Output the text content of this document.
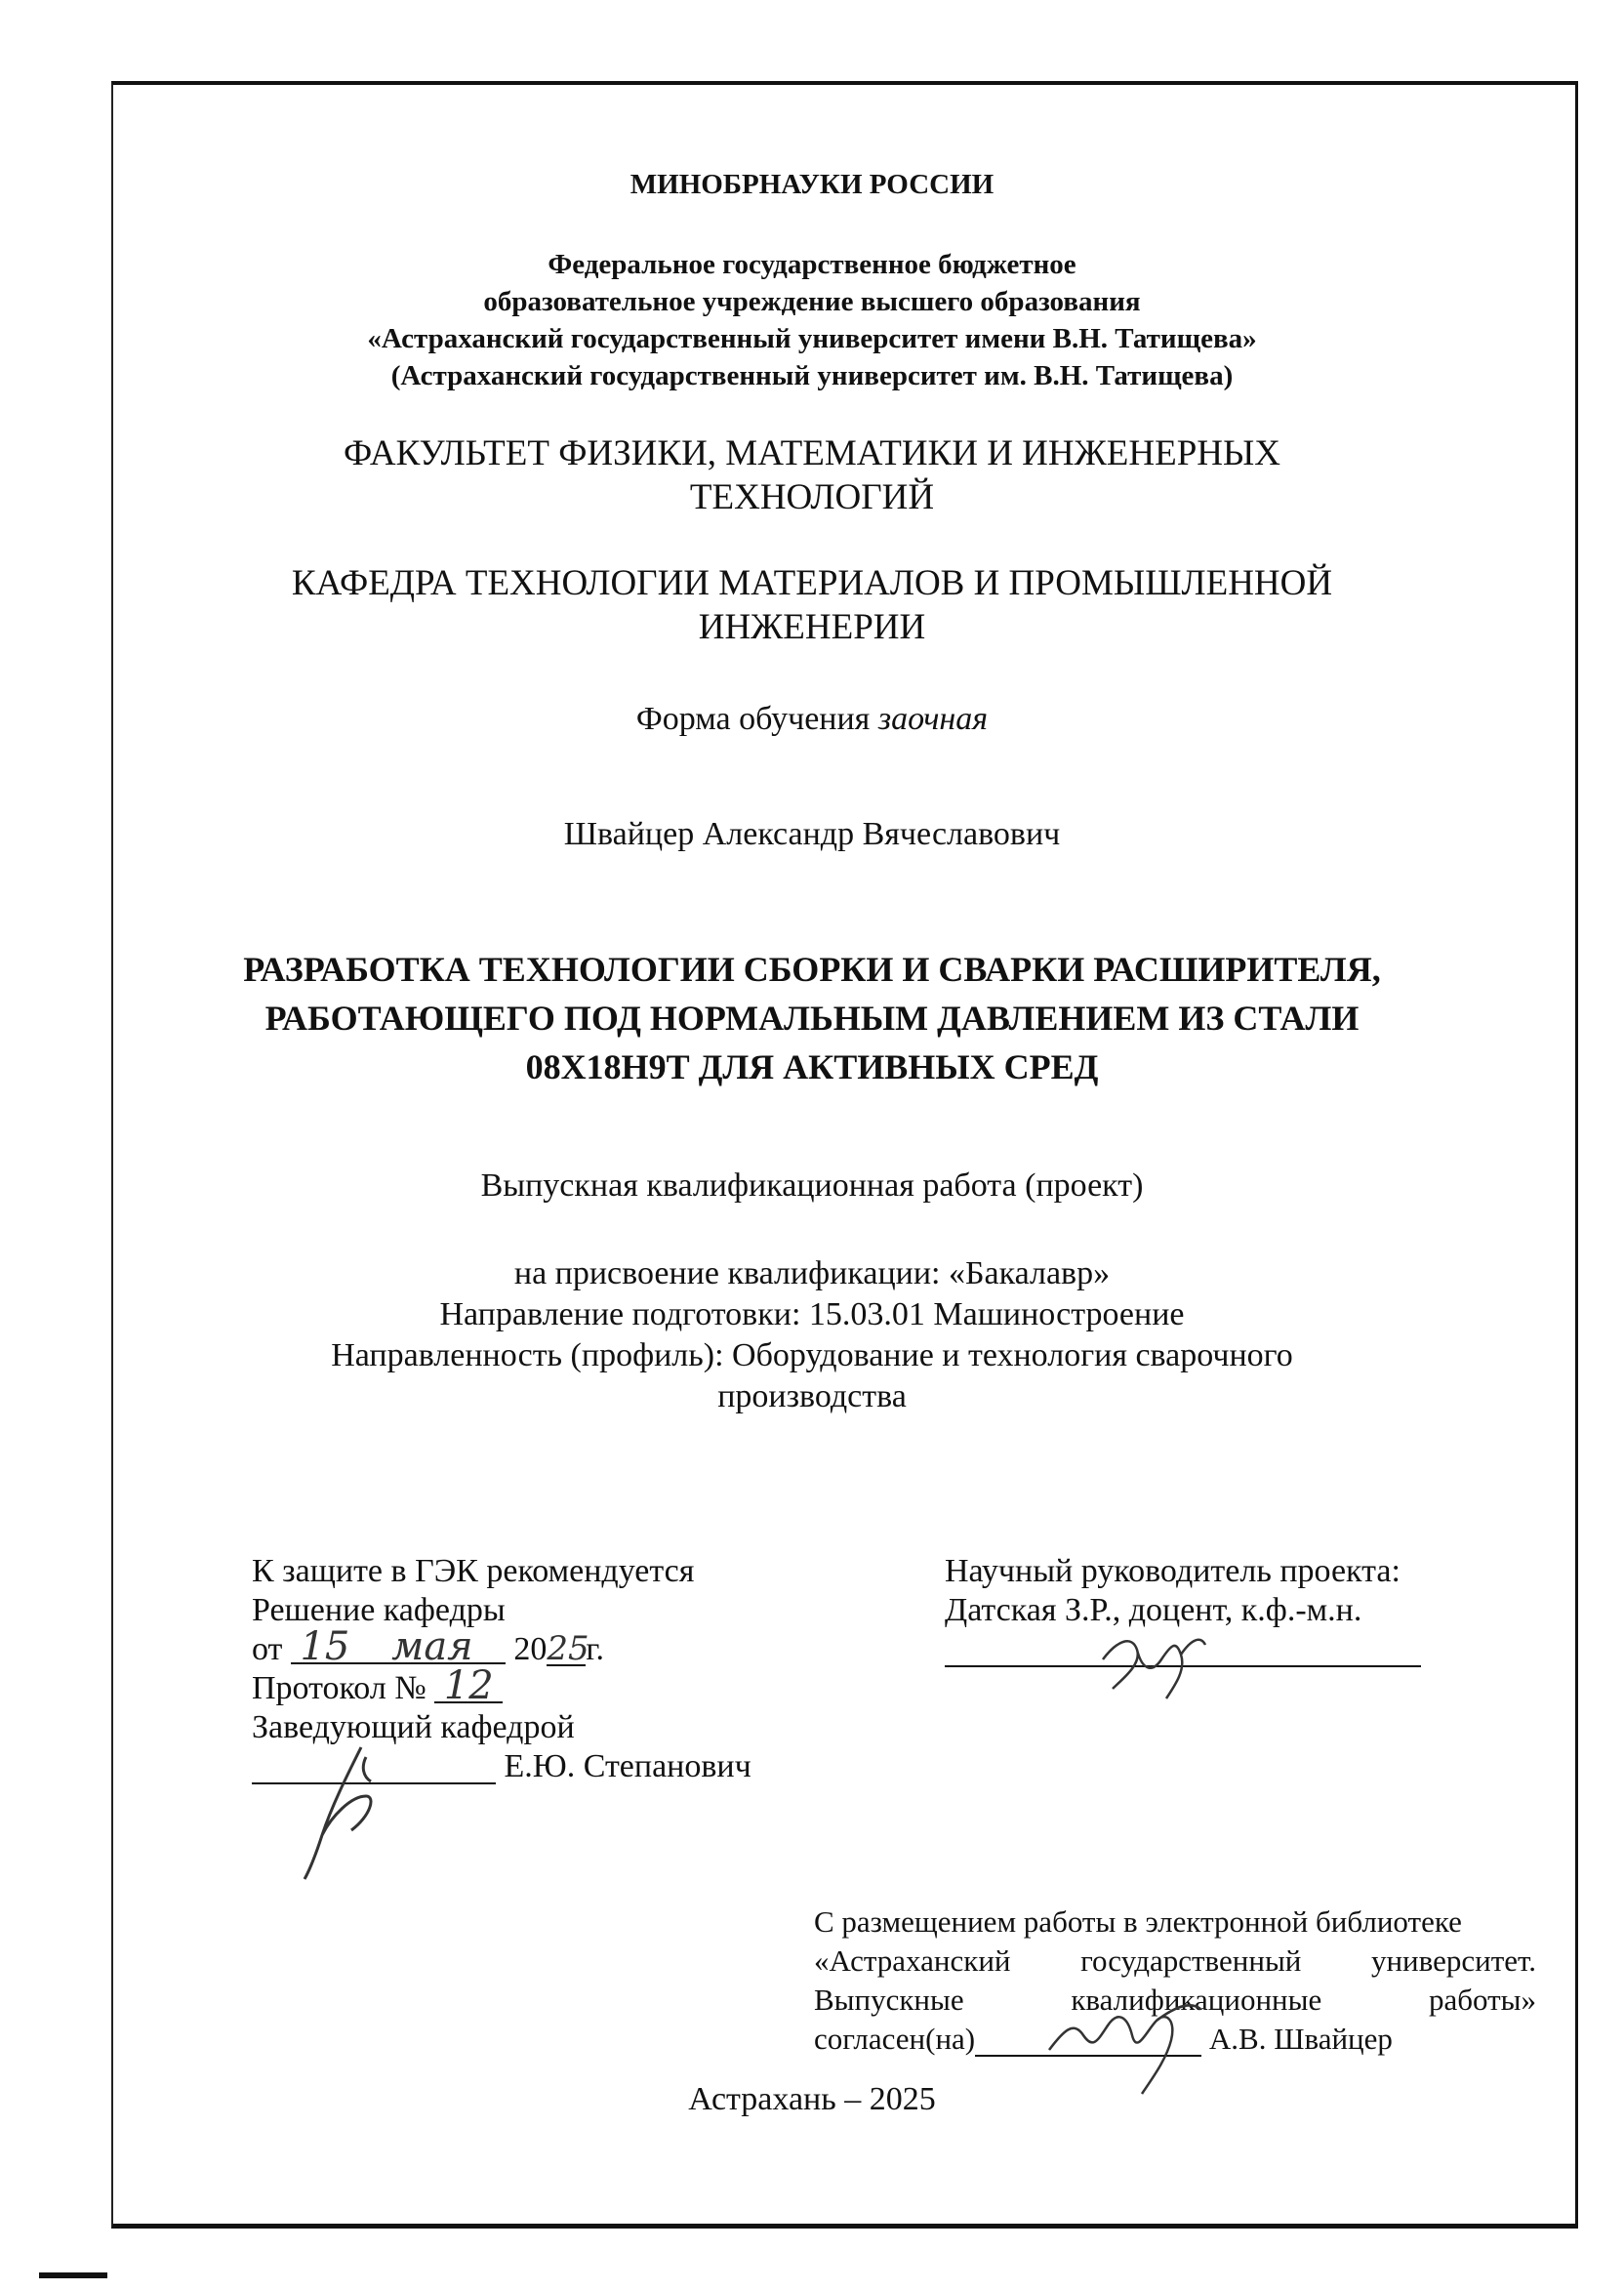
МИНОБРНАУКИ РОССИИ
Федеральное государственное бюджетное
образовательное учреждение высшего образования
«Астраханский государственный университет имени В.Н. Татищева»
(Астраханский государственный университет им. В.Н. Татищева)
ФАКУЛЬТЕТ ФИЗИКИ, МАТЕМАТИКИ И ИНЖЕНЕРНЫХ
ТЕХНОЛОГИЙ
КАФЕДРА ТЕХНОЛОГИИ МАТЕРИАЛОВ И ПРОМЫШЛЕННОЙ
ИНЖЕНЕРИИ
Форма обучения заочная
Швайцер Александр Вячеславович
РАЗРАБОТКА ТЕХНОЛОГИИ СБОРКИ И СВАРКИ РАСШИРИТЕЛЯ,
РАБОТАЮЩЕГО ПОД НОРМАЛЬНЫМ ДАВЛЕНИЕМ ИЗ СТАЛИ
08Х18Н9Т ДЛЯ АКТИВНЫХ СРЕД
Выпускная квалификационная работа (проект)
на присвоение квалификации: «Бакалавр»
Направление подготовки: 15.03.01 Машиностроение
Направленность (профиль): Оборудование и технология сварочного
производства
К защите в ГЭК рекомендуется
Решение кафедры
от 15 мая 2025г.
Протокол № 12
Заведующий кафедрой
Е.Ю. Степанович
Научный руководитель проекта:
Датская З.Р., доцент, к.ф.-м.н.

С размещением работы в электронной библиотеке
«Астраханский государственный университет.
Выпускные	квалификационные	работы»
согласен(на)	А.В. Швайцер
Астрахань – 2025
